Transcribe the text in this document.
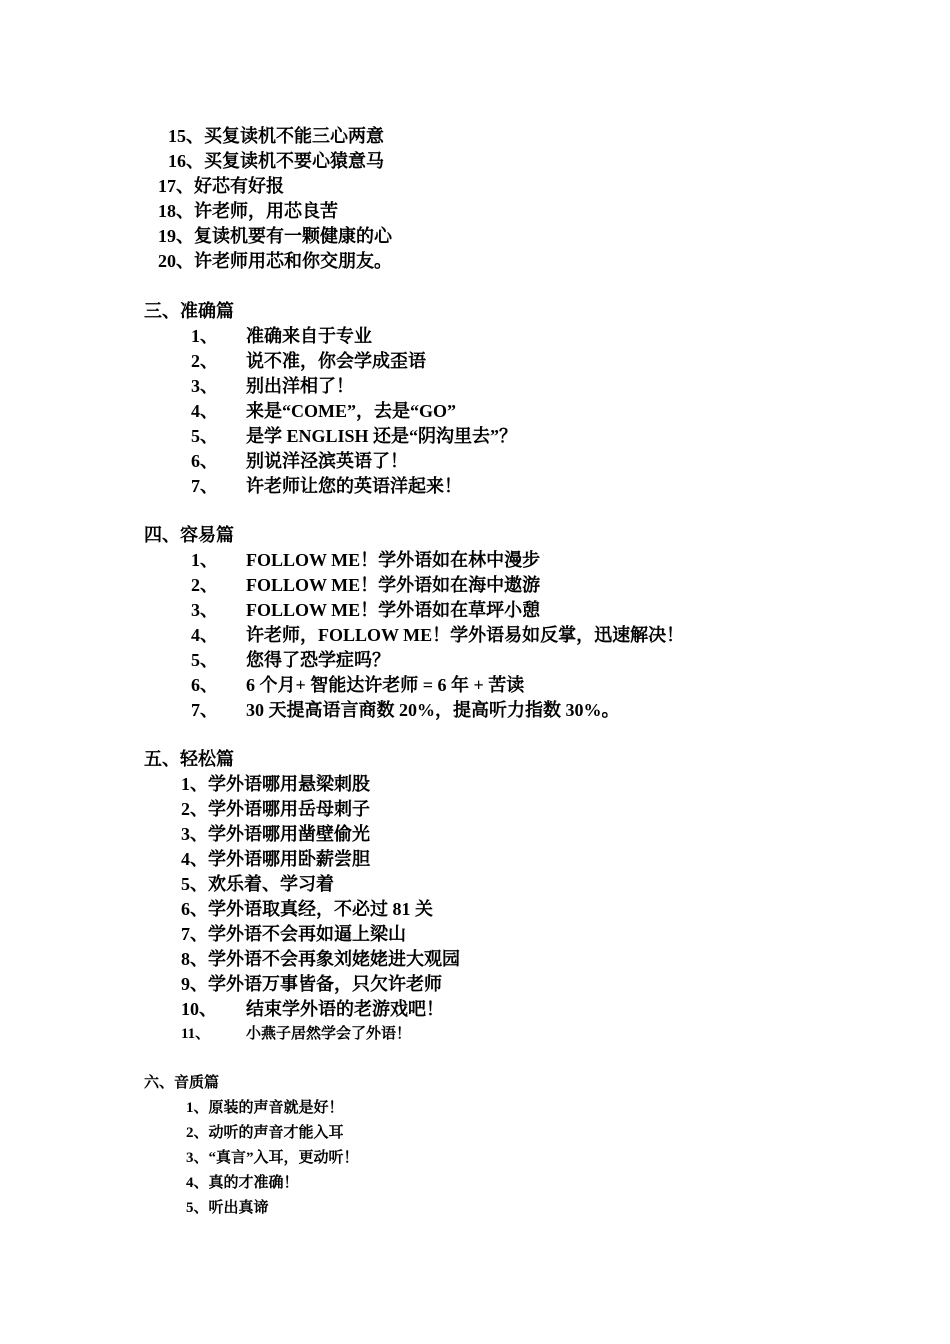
15、买复读机不能三心两意
16、买复读机不要心猿意马
17、好芯有好报
18、许老师，用芯良苦
19、复读机要有一颗健康的心
20、许老师用芯和你交朋友。
三、准确篇
1、 准确来自于专业
2、 说不准，你会学成歪语
3、 别出洋相了！
4、 来是“COME”，去是“GO”
5、 是学 ENGLISH 还是“阴沟里去”？
6、 别说洋泾滨英语了！
7、 许老师让您的英语洋起来！
四、容易篇
1、 FOLLOW ME！学外语如在林中漫步
2、 FOLLOW ME！学外语如在海中遨游
3、 FOLLOW ME！学外语如在草坪小憩
4、 许老师，FOLLOW ME！学外语易如反掌，迅速解决！
5、 您得了恐学症吗？
6、 6 个月+ 智能达许老师 = 6 年 + 苦读
7、 30 天提高语言商数 20%，提高听力指数 30%。
五、轻松篇
1、学外语哪用悬梁刺股
2、学外语哪用岳母刺子
3、学外语哪用凿壁偷光
4、学外语哪用卧薪尝胆
5、欢乐着、学习着
6、学外语取真经，不必过 81 关
7、学外语不会再如逼上梁山
8、学外语不会再象刘姥姥进大观园
9、学外语万事皆备，只欠许老师
10、 结束学外语的老游戏吧！
11、 小燕子居然学会了外语！
六、音质篇
1、原装的声音就是好！
2、动听的声音才能入耳
3、“真言”入耳，更动听！
4、真的才准确！
5、听出真谛
